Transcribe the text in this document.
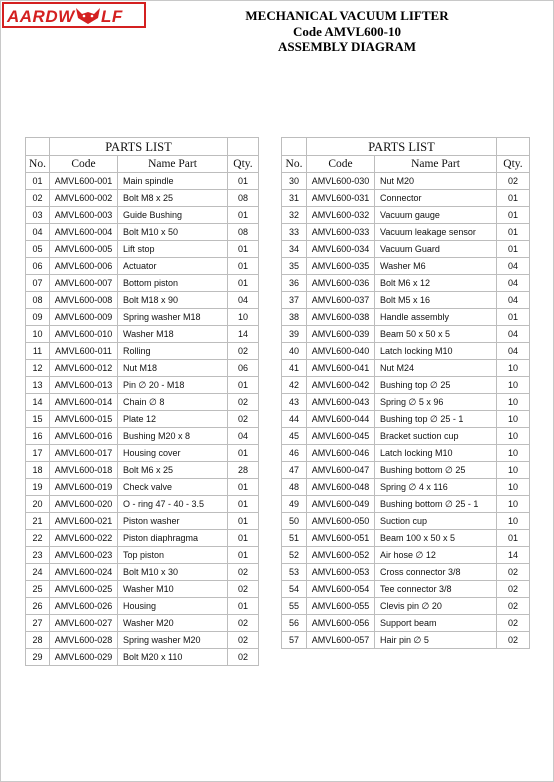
AARDW LF	MECHANICAL VACUUM LIFTER
Code AMVL600-10
ASSEMBLY DIAGRAM
	PARTS LIST		
No.	Code	Name Part	Qty.
01	AMVL600-001	Main spindle	01
02	AMVL600-002	Bolt M8 x 25	08
03	AMVL600-003	Guide Bushing	01
04	AMVL600-004	Bolt M10 x 50	08
05	AMVL600-005	Lift stop	01
06	AMVL600-006	Actuator	01
07	AMVL600-007	Bottom piston	01
08	AMVL600-008	Bolt M18 x 90	04
09	AMVL600-009	Spring washer M18	10
10	AMVL600-010	Washer M18	14
11	AMVL600-011	Rolling	02
12	AMVL600-012	Nut M18	06
13	AMVL600-013	Pin ∅ 20 - M18	01
14	AMVL600-014	Chain ∅ 8	02
15	AMVL600-015	Plate 12	02
16	AMVL600-016	Bushing M20 x 8	04
17	AMVL600-017	Housing cover	01
18	AMVL600-018	Bolt M6 x 25	28
19	AMVL600-019	Check valve	01
20	AMVL600-020	O - ring 47 - 40 - 3.5	01
21	AMVL600-021	Piston washer	01
22	AMVL600-022	Piston diaphragma	01
23	AMVL600-023	Top piston	01
24	AMVL600-024	Bolt M10 x 30	02
25	AMVL600-025	Washer M10	02
26	AMVL600-026	Housing	01
27	AMVL600-027	Washer M20	02
28	AMVL600-028	Spring washer M20	02
29	AMVL600-029	Bolt M20 x 110	02
	PARTS LIST		
No.	Code	Name Part	Qty.
30	AMVL600-030	Nut M20	02
31	AMVL600-031	Connector	01
32	AMVL600-032	Vacuum gauge	01
33	AMVL600-033	Vacuum leakage sensor	01
34	AMVL600-034	Vacuum Guard	01
35	AMVL600-035	Washer M6	04
36	AMVL600-036	Bolt M6 x 12	04
37	AMVL600-037	Bolt M5 x 16	04
38	AMVL600-038	Handle assembly	01
39	AMVL600-039	Beam 50 x 50 x 5	04
40	AMVL600-040	Latch locking M10	04
41	AMVL600-041	Nut M24	10
42	AMVL600-042	Bushing top ∅ 25	10
43	AMVL600-043	Spring ∅ 5 x 96	10
44	AMVL600-044	Bushing top ∅ 25 - 1	10
45	AMVL600-045	Bracket suction cup	10
46	AMVL600-046	Latch locking M10	10
47	AMVL600-047	Bushing bottom ∅ 25	10
48	AMVL600-048	Spring ∅ 4 x 116	10
49	AMVL600-049	Bushing bottom ∅ 25 - 1	10
50	AMVL600-050	Suction cup	10
51	AMVL600-051	Beam 100 x 50 x 5	01
52	AMVL600-052	Air hose ∅ 12	14
53	AMVL600-053	Cross connector 3/8	02
54	AMVL600-054	Tee connector 3/8	02
55	AMVL600-055	Clevis pin ∅ 20	02
56	AMVL600-056	Support beam	02
57	AMVL600-057	Hair pin ∅ 5	02
